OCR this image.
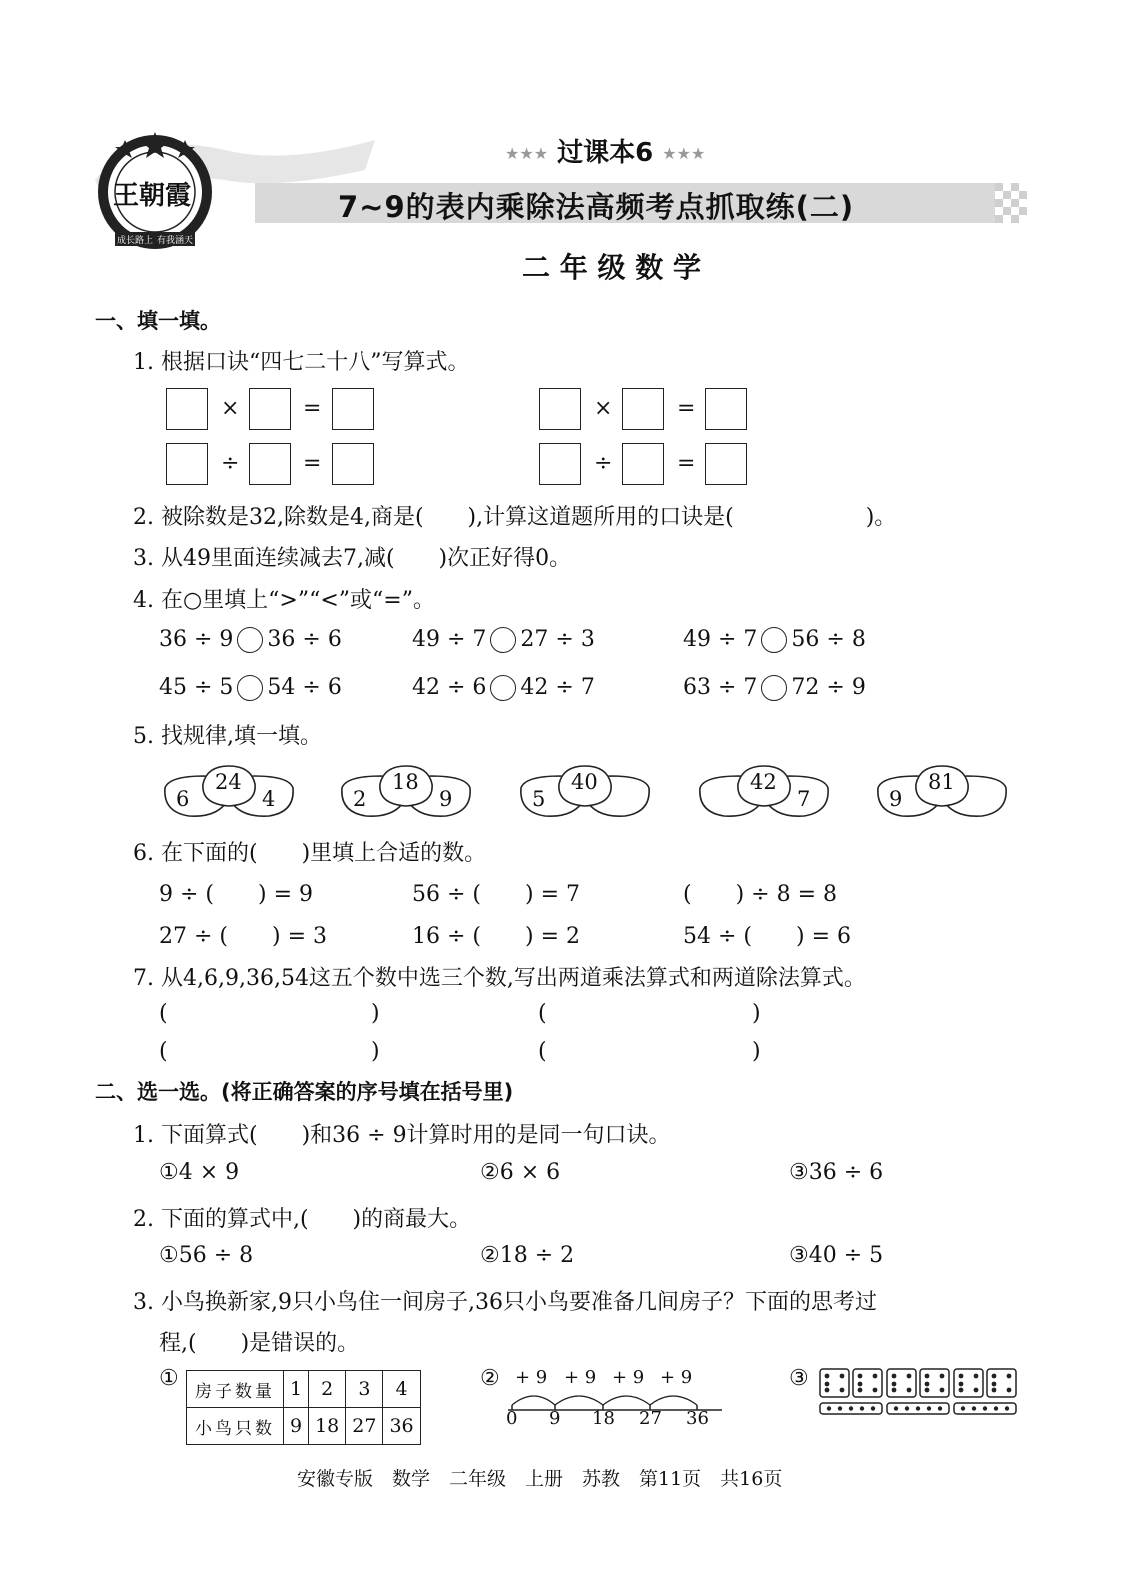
王朝霞
成长路上 有我涵天
★★★ 过课本6 ★★★
7~9的表内乘除法高频考点抓取练(二)
二 年 级 数 学
一、填一填。
1. 根据口诀“四七二十八”写算式。
×	=
÷	=
×	=
÷	=
2. 被除数是32,除数是4,商是(　　),计算这道题所用的口诀是(　　　　　　)。
3. 从49里面连续减去7,减(　　)次正好得0。
4. 在○里填上“>”“<”或“=”。
36 ÷ 9 36 ÷ 6	49 ÷ 7 27 ÷ 3	49 ÷ 7 56 ÷ 8
45 ÷ 5 54 ÷ 6	42 ÷ 6 42 ÷ 7	63 ÷ 7 72 ÷ 9
5. 找规律,填一填。
6
24
4	2
18
9	5
40	42
7	9
81
6. 在下面的(　　)里填上合适的数。
9 ÷ (　　) = 9	56 ÷ (　　) = 7	(　　) ÷ 8 = 8
27 ÷ (　　) = 3	16 ÷ (　　) = 2	54 ÷ (　　) = 6
7. 从4,6,9,36,54这五个数中选三个数,写出两道乘法算式和两道除法算式。
(	)	(	)
(	)	(	)
二、选一选。(将正确答案的序号填在括号里)
1. 下面算式(　　)和36 ÷ 9计算时用的是同一句口诀。
①4 × 9	②6 × 6	③36 ÷ 6
2. 下面的算式中,(　　)的商最大。
①56 ÷ 8	②18 ÷ 2	③40 ÷ 5
3. 小鸟换新家,9只小鸟住一间房子,36只小鸟要准备几间房子？下面的思考过
程,(　　)是错误的。
①
房子数量	1	2	3	4
小鸟只数	9	18	27	36
② + 9 + 9 + 9 + 9
0 9 18 27 36
③
安徽专版　数学　二年级　上册　苏教　第11页　共16页
